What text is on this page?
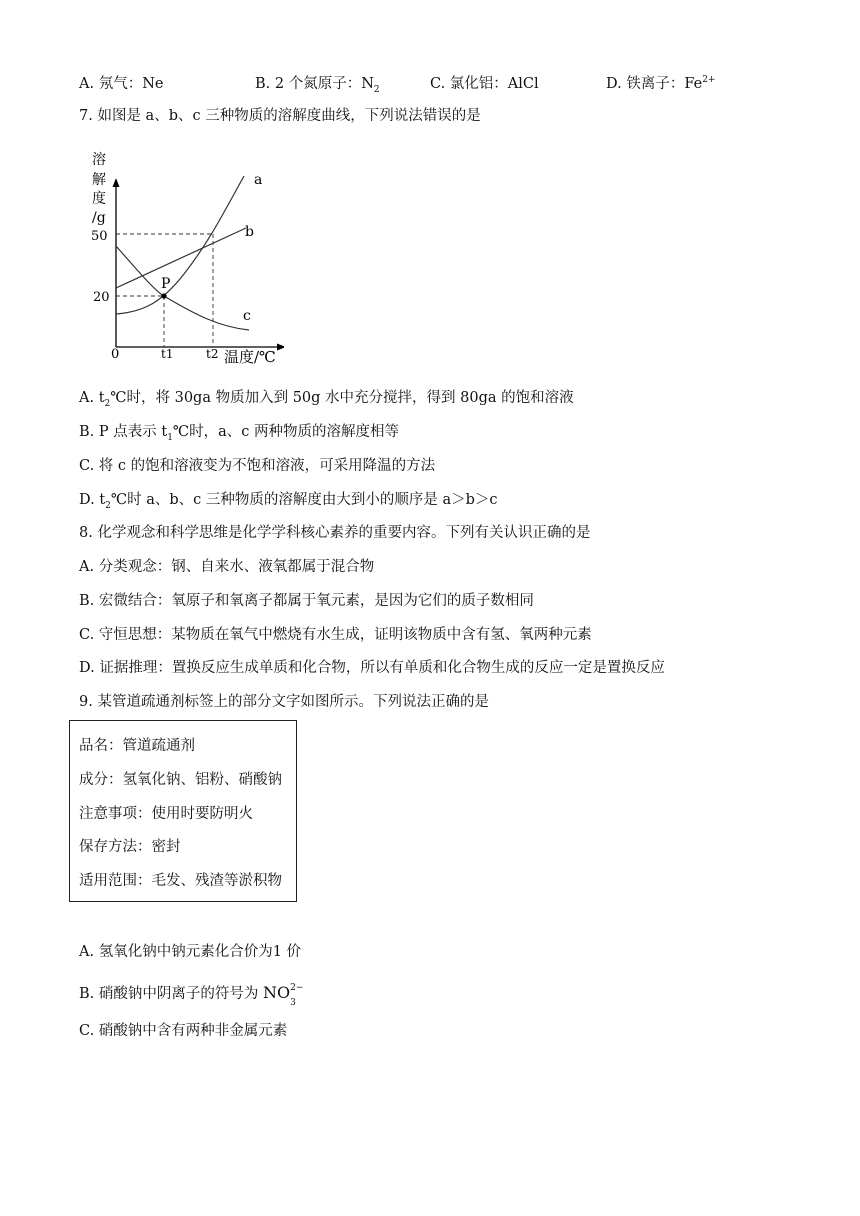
A. 氖气：Ne	B. 2 个氮原子：$N_2$	C. 氯化铝：AlCl	D. 铁离子：$Fe^{2+}$
7. 如图是 a、b、c 三种物质的溶解度曲线，下列说法错误的是
溶
解
度
/g
50
20
P
a
b
c
0	t1	t2 温度/℃
A. $t_2℃$时，将 30ga 物质加入到 50g 水中充分搅拌，得到 80ga 的饱和溶液
B. P 点表示 $t_1℃$时，a、c 两种物质的溶解度相等
C. 将 c 的饱和溶液变为不饱和溶液，可采用降温的方法
D. $t_2℃$时 a、b、c 三种物质的溶解度由大到小的顺序是 a＞b＞c
8. 化学观念和科学思维是化学学科核心素养的重要内容。下列有关认识正确的是
A. 分类观念：钢、自来水、液氧都属于混合物
B. 宏微结合：氧原子和氧离子都属于氧元素，是因为它们的质子数相同
C. 守恒思想：某物质在氧气中燃烧有水生成，证明该物质中含有氢、氧两种元素
D. 证据推理：置换反应生成单质和化合物，所以有单质和化合物生成的反应一定是置换反应
9. 某管道疏通剂标签上的部分文字如图所示。下列说法正确的是
品名：管道疏通剂
成分：氢氧化钠、铝粉、硝酸钠
注意事项：使用时要防明火
保存方法：密封
适用范围：毛发、残渣等淤积物
A. 氢氧化钠中钠元素化合价为1 价
B. 硝酸钠中阴离子的符号为 NO 2−
3
C. 硝酸钠中含有两种非金属元素
